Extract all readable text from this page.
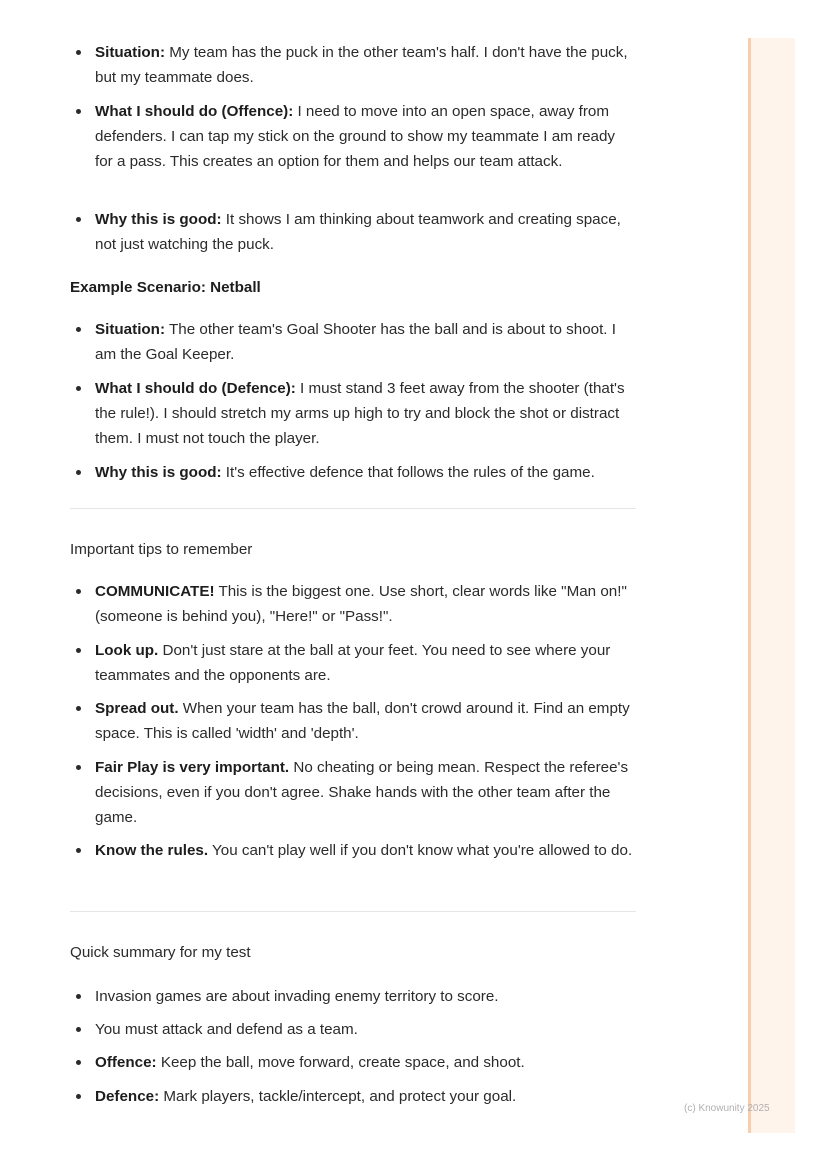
Situation: My team has the puck in the other team's half. I don't have the puck, but my teammate does.
What I should do (Offence): I need to move into an open space, away from defenders. I can tap my stick on the ground to show my teammate I am ready for a pass. This creates an option for them and helps our team attack.
Why this is good: It shows I am thinking about teamwork and creating space, not just watching the puck.
Example Scenario: Netball
Situation: The other team's Goal Shooter has the ball and is about to shoot. I am the Goal Keeper.
What I should do (Defence): I must stand 3 feet away from the shooter (that's the rule!). I should stretch my arms up high to try and block the shot or distract them. I must not touch the player.
Why this is good: It's effective defence that follows the rules of the game.
Important tips to remember
COMMUNICATE! This is the biggest one. Use short, clear words like "Man on!" (someone is behind you), "Here!" or "Pass!".
Look up. Don't just stare at the ball at your feet. You need to see where your teammates and the opponents are.
Spread out. When your team has the ball, don't crowd around it. Find an empty space. This is called 'width' and 'depth'.
Fair Play is very important. No cheating or being mean. Respect the referee's decisions, even if you don't agree. Shake hands with the other team after the game.
Know the rules. You can't play well if you don't know what you're allowed to do.
Quick summary for my test
Invasion games are about invading enemy territory to score.
You must attack and defend as a team.
Offence: Keep the ball, move forward, create space, and shoot.
Defence: Mark players, tackle/intercept, and protect your goal.
(c) Knowunity 2025
